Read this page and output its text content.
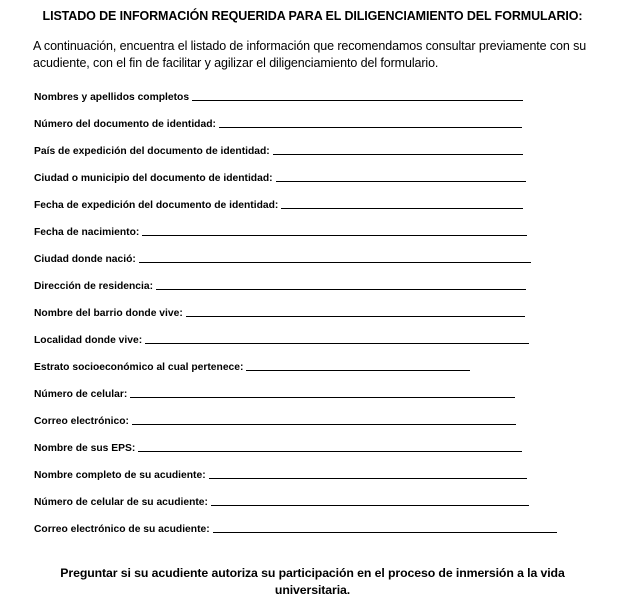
LISTADO DE INFORMACIÓN REQUERIDA PARA EL DILIGENCIAMIENTO DEL FORMULARIO:
A continuación, encuentra el listado de información que recomendamos consultar previamente con su acudiente, con el fin de facilitar y agilizar el diligenciamiento del formulario.
Nombres y apellidos completos
Número del documento de identidad:
País de expedición del documento de identidad:
Ciudad o municipio del documento de identidad:
Fecha de expedición del documento de identidad:
Fecha de nacimiento:
Ciudad donde nació:
Dirección de residencia:
Nombre del barrio donde vive:
Localidad donde vive:
Estrato socioeconómico al cual pertenece:
Número de celular:
Correo electrónico:
Nombre de sus EPS:
Nombre completo de su acudiente:
Número de celular de su acudiente:
Correo electrónico de su acudiente:
Preguntar si su acudiente autoriza su participación en el proceso de inmersión a la vida universitaria.
